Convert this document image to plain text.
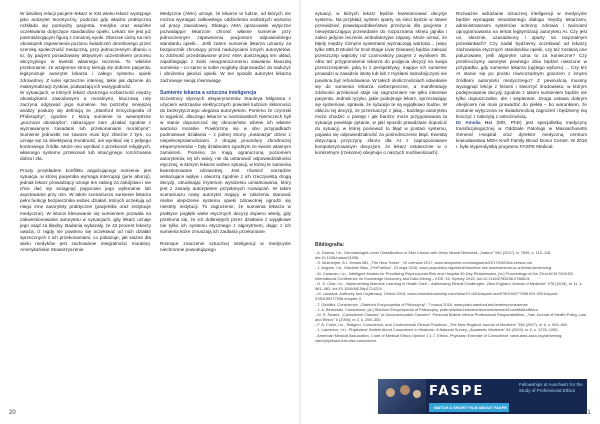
W idealnej relacji pacjent–lekarz w XXI wieku lekarz występuje jako autorytet teoretyczny, podczas gdy władza praktyczna rozkłada się pomiędzy pacjenta, medyka oraz wspólne oczekiwania dotyczące standardów opieki. Lekarz nie jest już potentalizującym figurą z minionej epoki. Obecnie cieżą na nim obowiązek zapewnienia pozionu świadczeń określonego przez szeroką społeczność medyczną, przy jednoczesnym dbaniu o to, by pacjent posiadowany aktywnym uczestnikiem procesu decyzyjnego w kwestii własnego leczenia. To właśnie przekonanie, że wzajemne strony kierują się dobrem pacjenta, legitymizuje autorytet lekarza i całego systemu opieki zdrowotnej. Z kolei sprzeczne interesy, takie jak dążenie do maksymalizacji zysków, podważają ich wiarygodność.

W sytuacjach, w których lekarz dostrzega rozbieżność między obowiązkami zawodowymi a moralnymi, kluczową rolę zaczyna odgrywać jego sumienie. Na potrzeby niniejszej analizy posłużę się definicją ze „Stanford Encyclopedia of Philosophy", zgodnie z którą sumienie to wewnętrzne „poczucie obowiązku", nakazujące nam „działać zgodnie z wyznawanymi zasadami lub przekonaniami moralnymi". Sumienie jednostki nie zawsze musi być zbieżne z tym, co uznaje się za obiektywną moralność, ani wynikać się z jedyego kontrowego źródła. Może ono wynikać z przekonań religijnych, własnego systemu przekonań lub intuicyjnego rozróżniania dobra i zła.

Prosty przykładem konfliktu angażującego sumienie jest sytuacja, w której pacjentka wymaga interrupcji (jurie aborcji), jednak lekarz prowadzący uznaje ten zabieg za zabójstwo i nie chce dać się wciągnąć pojęciowo jego wykonanie lub asystowanie przy nim. W takim scenariuszu sumienie lekarza pełni funkcję bezpiecznika wobec działań, których oczekują od niego inne autorytety praktyczne (pacjentka oraz instytucje medyczne). W istocie klesowanie się sumieniem pozwala na zakwestionowanie autorytetu w sytuacjach, gdy lekarz uznaje jego osąd za błędny. Badania wykazały, że 42 procent lekarzy uważa, iż nigdy nie powinno się oczekiwać od nich działań sprzecznych z ich przekonaniami, co pokazuje, jak ważne dla wielu medyków jest zachowanie integralności moralnej. Amerykańskie Stowarzyszenie

Medyczne (AMA) uznaje, że lekarze to ludzie, od których nie można wymagać całkowitego oddzielenia osobistych wartości od pracy zawodowej. Dlatego AMA opracowało wytyczne pozwalające lekarzom chronić własne sumienie przy jednoczesnym zapewnieniu pacjentom odpowiedniego standardu opieki... Jeśli zatem sumienie lekarza uznamy za bezpiecznik chroniący przed nadużyciami innych autorytetów, to zdolność przedstawione przez AMA dostrzegają ten układ, zapobiegając z kolei nieograniczonemu stawianiu klauzulą sumienia – co samo w sobie mogłoby doprowadzić do nadużyć i obniżenia jakości opieki. W ten sposób autorytet lekarza zachowuje swoją równowagę.

Sumienie lekarza a sztuczna inteligencja

Uczestnicy słynnych eksperymentów Stanleya Milgrama z użyciem wstrząsów elektrycznych powoleli ludziom skłonności do bezkrytycznego ulegania autorytetom. Pomimo że czynniki to wyjaśnić, dlaczego lekarze w nazistowskich Niemczech byli w stanie dopuszczać się okrucieństw wbrew ich własne wartości moralne. Powtórzmy się w obu przypadkach podmiotowe działania – z jednej strony „eutanazja" dzieci z niepełnosprawnościami, z drugiej procedury zbrodniczej eksperymentów – były działaniem zgodnym ze swoim własnym zamiarem. Pomimo że mają ograniczoną poziomem autorytetów, tej ich wiary, nie da ustanowić odpowiedzialności etycznej, w którym lekarze wobec sytuacji, w której te sumienia kwestionowane zdrowotnej. Jest również narzędzie wskazujące wpływ i otworzą zgodnie z ich rzeczywistą drogą decyzji, utrudniając kryterium wyrażeniu umiarkowania, który jest z zasady autorytetem przysłanych rozwiązań. W takim scenariuszu nowy autorytet mający w założeniu stanowić realne ulepszenie systemu opieki zdrowotnej ogrodzi się niestety instytucji. To zagrożenie, że sumienia lekarza w praktyce pogłębi wiele etycznych decyzji dopiero wtedy, gdy przekona się, że ich dotkniętych przez działanie z wyjątkowe nie tylko ich systemu etycznego z algorytmem, dając z ich sumienia które zmuszają ich zaufania przekonanie.

Rosnące znaczenie sztucznej inteligencji w medycynie niechronnie powodującego

20

sytuacji, w których lekarz będzie kwestionować decyzje systemu. Na przykład, system oparty na sieci będzie w stanie przewidzieć prawdopodobieństwo przeżycia dla pacjenta z niewystarczającą przewidanie do rozpoznania skrętu jajnika i zaleci jedynie leczenie ambulatoryjne zapasy. Może uznać, że błędy między różnymi systemami wyznaczają wartości... (więc tylko MELD Model for End-Stage Liver Disease) będzie zalecać przeszczep wątroby niż czarnoskóry pacjent z wynikiem 35. Albo też przypomnienie lekarza do podjęcia decyzji na swoja przeszczepienie, jaką to z perspektywy, mające ich sumienie prowadzi w zasadzie istotę lub lub z myślami samobójczymi nie powinna być refundowana. W takich okolicznościach odwołanie się do sumienia lekarza niebezpieczne, a manifestację zdolności przekonań staje się zagrożeniem nie tylko interesie pacjenta. Jednak ryzyko, jakie podejmuje lekarz, sprzeciwiając się systemowi, sprawia, że sytuacje te są wyjątkowo trudne. W obliczu tej decyzji, że przeznaczyć z jaką... każdego autorytetu może chodzić o postęp i jak bardzo może przygotowania ta sytuacja powstaje pytanie, w jaki sposób prawdziwie dopuścić do sytuacji, w której ponieważ to błąd w postaci systemu, pojawia się odpowiedzialność za pośredniczenie błąd. Kwestią dotyczącą przyczyny zbioru dla AI z zaproponowane komputeryzowanym decyzjom, że lekarz ostatecznie w o konkretnym (rzekome) obejmuje o naszych możliwościach).

Rozważne wdrażanie sztucznej inteligencji w medycynie będzie wymagało nieustannego dialogu między lekarzami, administratorami systemów ochrony zdrowia i twórcami oprogramowania na temat legitymizacji autorytetu AI. Czy jest on, słusznie, uzasadniony i oparty na racjonalnym przesłankach? Czy nadal będziemy oczekiwać od lekarzy zachowania etycznych standardów opieki, czy też zostaną one poluzowane, jeśli algorytm uzna to za konieczne? Czy przekroczymy autorytet pewnego dnia będzie nałożone w przypadku, gdy sumienie lekarza (ujętego wyboru) ... Czy też AI stanie się po prostu równorzędnym graczem z innymi źródłami autorytetu medycznego? Z pewnością musimy wyciągnąć lekcje z historii i stworzyć środowisko, w którym podejmowanie decyzji zgodnie z takimi sumieniem będzie nie tylko dopuszczalne, ale i wspierane. Droga ustawa dobrym obejściem nie musi prowadzić do piekła – bo warunkiem, że zostanie wytyczona ze świadomością zagrożeń i będziemy nią kroczyć z należytą z ostrożnością.

Dr Amelia Hsi (MD, PhD) jest specjalistką medycyny transfuzjologicznej w Oddziale Patologii w Massachusetts General Hospital oraz dyrektor medyczną centrum krwiodawstwa MGH Kraft Family Blood Donor Center. W 2018 r. była stypendystką programu FASPE Medical.

Bibliografia:
- A. Esteva, i in., Dermatologist-Level Classification of Skin Cancer with Deep Neural Networks, „Nature" 542 (2017), nr 7639, s. 115–118, doi:10.1038/nature21056.
- S. Mukherjee, A.I. Versus MD, „The New Yorker", 19 czerwca 2017, www.newyorker.com/magazine/2017/04/03/ai-versus-md
- J. Angwin, i in., Machine Bias, „ProPublica", 23 maja 2016, www.propublica.org/article/machine-risk-assessments-in-criminal-sentencing.
- M. Canavan, i in., Intelligent Models for Prioritizing Psychosocial Risk and Hospital 30-Day Readmission, [w:] Proceedings of the 22nd ACM SIGKDD International Conference on Knowledge Discovery and Data Mining – KDD '15, Sydney 2015, doi:10.1145/2783258.2788613.
- D. S. Char, i in., Implementing Machine Learning in Health Care – Addressing Ethical Challenges, „New England Journal of Medicine" 378 (2018), nr 11, s. 981–983, doi:10.1056/NEJMp1714229.
- M. Lavazza, Authority and Legitimacy, Oxford 2018, www.oxfordscholarship.com/view/10.1093/acprof:oso/9780190277598.001.0001/acprof-9780190277598-chapter-3
- T. Giubilini, Conscience, „Stanford Encyclopedia of Philosophy", 7 marca 2016, www.plato.stanford.edu/entries/conscience
- J. A. Berkowitz, Conscience, [w:] Stanford Encyclopedia of Philosophy, plato.stanford.edu/entries/conscience/#ConsMotActMora.
- M. S. Swartz, „Conscience Clauses" or Unconscionable Clauses?: Personal Beliefs Versus Professional Responsibilities, „Yale Journal of Health Policy, Law and Ethics" 6 (2006), nr 2, s. 269–350.
- F. A. Curlin, i in., Religion, Conscience, and Controversial Clinical Practices, „The New England Journal of Medicine" 356 (2007), nr 6, s. 593–600.
- J. Lawrence, i in., Physicians' Beliefs About Conscience in Medicine: A National Survey, „Academic Medicine" 84 (2009), nr 9, s. 1276–1282.
- American Medical Association, Code of Medical Ethics Opinion 1.1.7, Ethics, Physician Exercise of Conscience, www.ama-assn.org/delivering-care/physician-exercise-conscience.
FASPE	Fellowships at Auschwitz for the Study of Professional Ethics
WATCH A SHORT FILM ABOUT FASPE
21
